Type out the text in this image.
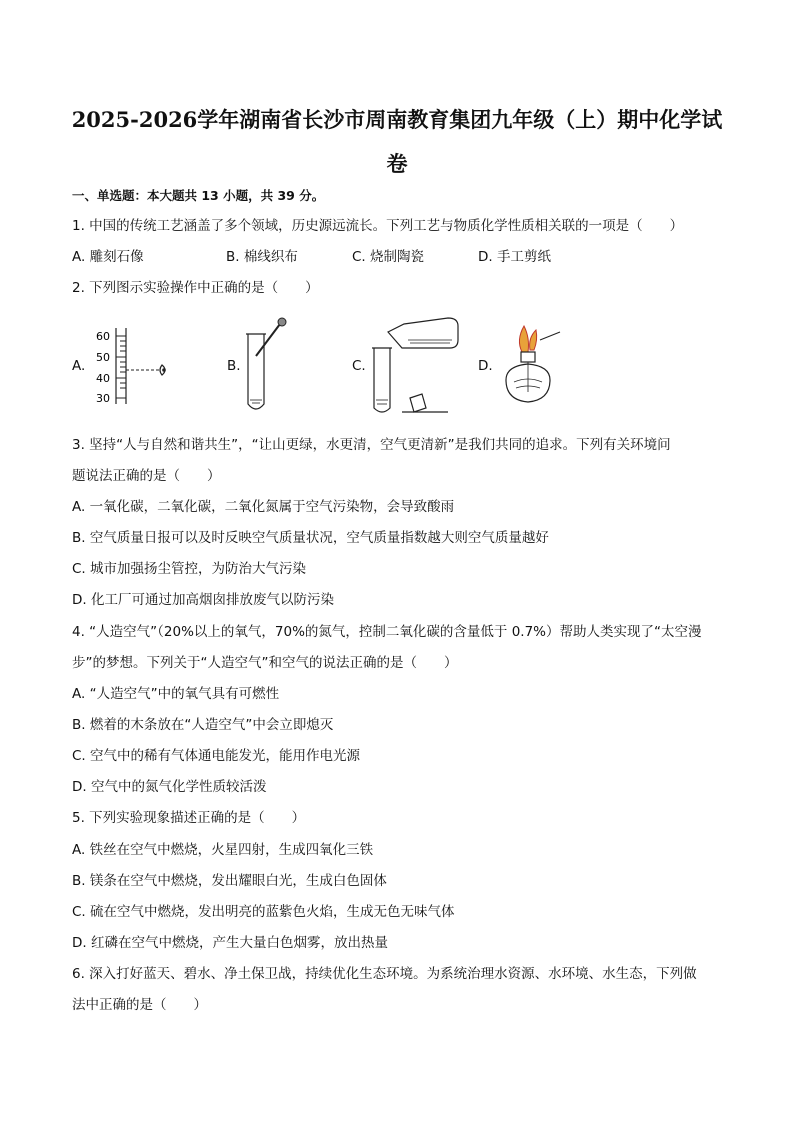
2025-2026学年湖南省长沙市周南教育集团九年级（上）期中化学试
卷
一、单选题：本大题共 13 小题，共 39 分。
1. 中国的传统工艺涵盖了多个领域，历史源远流长。下列工艺与物质化学性质相关联的一项是（　　）
A. 雕刻石像	B. 棉线织布	C. 烧制陶瓷	D. 手工剪纸
2. 下列图示实验操作中正确的是（　　）
A.
60
50
40
30
B.	C.	D.
3. 坚持“人与自然和谐共生”，“让山更绿，水更清，空气更清新”是我们共同的追求。下列有关环境问
题说法正确的是（　　）
A. 一氧化碳，二氧化碳，二氧化氮属于空气污染物，会导致酸雨
B. 空气质量日报可以及时反映空气质量状况，空气质量指数越大则空气质量越好
C. 城市加强扬尘管控，为防治大气污染
D. 化工厂可通过加高烟囱排放废气以防污染
4. “人造空气”（20%以上的氧气，70%的氮气，控制二氧化碳的含量低于 0.7%）帮助人类实现了“太空漫
步”的梦想。下列关于“人造空气”和空气的说法正确的是（　　）
A. “人造空气”中的氧气具有可燃性
B. 燃着的木条放在“人造空气”中会立即熄灭
C. 空气中的稀有气体通电能发光，能用作电光源
D. 空气中的氮气化学性质较活泼
5. 下列实验现象描述正确的是（　　）
A. 铁丝在空气中燃烧，火星四射，生成四氧化三铁
B. 镁条在空气中燃烧，发出耀眼白光，生成白色固体
C. 硫在空气中燃烧，发出明亮的蓝紫色火焰，生成无色无味气体
D. 红磷在空气中燃烧，产生大量白色烟雾，放出热量
6. 深入打好蓝天、碧水、净土保卫战，持续优化生态环境。为系统治理水资源、水环境、水生态，下列做
法中正确的是（　　）
